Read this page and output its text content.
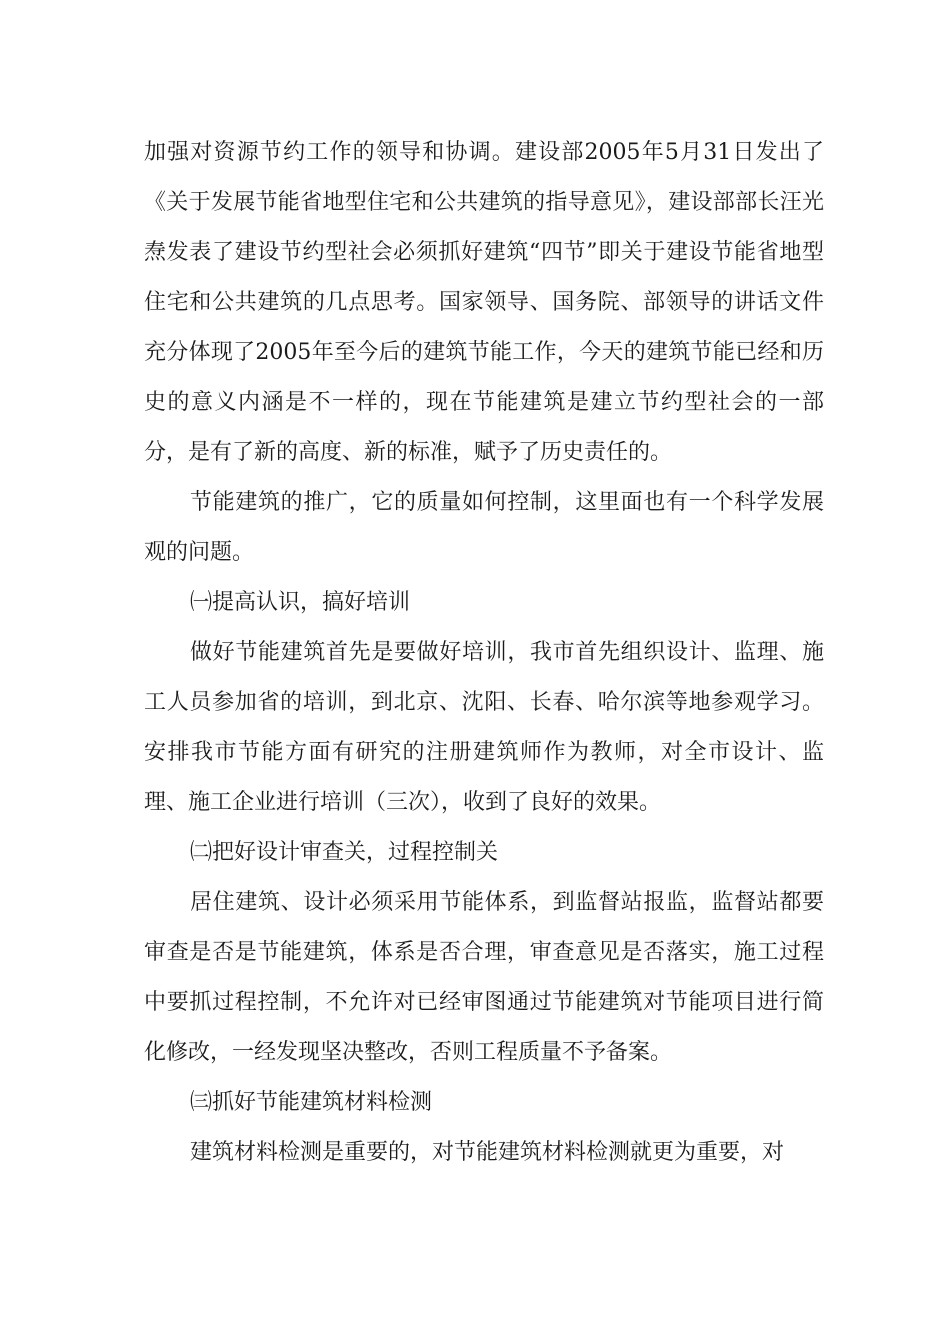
加强对资源节约工作的领导和协调。建设部2005年5月31日发出了《关于发展节能省地型住宅和公共建筑的指导意见》，建设部部长汪光焘发表了建设节约型社会必须抓好建筑“四节”即关于建设节能省地型住宅和公共建筑的几点思考。国家领导、国务院、部领导的讲话文件充分体现了2005年至今后的建筑节能工作，今天的建筑节能已经和历史的意义内涵是不一样的，现在节能建筑是建立节约型社会的一部分，是有了新的高度、新的标准，赋予了历史责任的。

节能建筑的推广，它的质量如何控制，这里面也有一个科学发展观的问题。

㈠提高认识，搞好培训

做好节能建筑首先是要做好培训，我市首先组织设计、监理、施工人员参加省的培训，到北京、沈阳、长春、哈尔滨等地参观学习。安排我市节能方面有研究的注册建筑师作为教师，对全市设计、监理、施工企业进行培训（三次），收到了良好的效果。

㈡把好设计审查关，过程控制关

居住建筑、设计必须采用节能体系，到监督站报监，监督站都要审查是否是节能建筑，体系是否合理，审查意见是否落实，施工过程中要抓过程控制，不允许对已经审图通过节能建筑对节能项目进行简化修改，一经发现坚决整改，否则工程质量不予备案。

㈢抓好节能建筑材料检测

建筑材料检测是重要的，对节能建筑材料检测就更为重要，对
